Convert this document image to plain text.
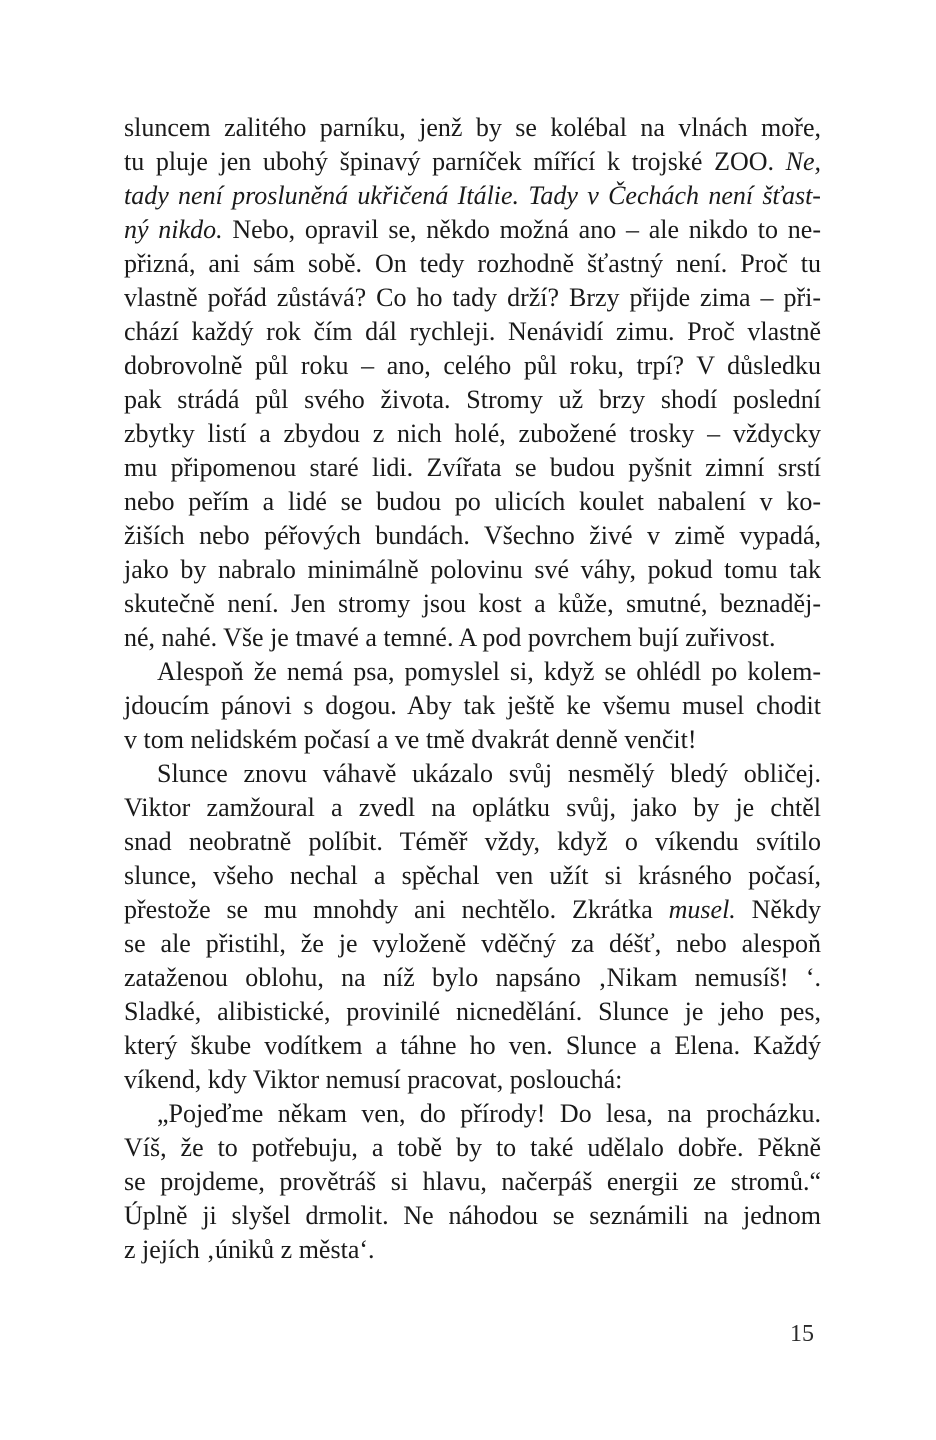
sluncem zalitého parníku, jenž by se kolébal na vlnách moře,
tu pluje jen ubohý špinavý parníček mířící k trojské ZOO. Ne,
tady není prosluněná ukřičená Itálie. Tady v Čechách není šťast-
ný nikdo. Nebo, opravil se, někdo možná ano – ale nikdo to ne-
přizná, ani sám sobě. On tedy rozhodně šťastný není. Proč tu
vlastně pořád zůstává? Co ho tady drží? Brzy přijde zima – při-
chází každý rok čím dál rychleji. Nenávidí zimu. Proč vlastně
dobrovolně půl roku – ano, celého půl roku, trpí? V důsledku
pak strádá půl svého života. Stromy už brzy shodí poslední
zbytky listí a zbydou z nich holé, zubožené trosky – vždycky
mu připomenou staré lidi. Zvířata se budou pyšnit zimní srstí
nebo peřím a lidé se budou po ulicích koulet nabalení v ko-
žiších nebo péřových bundách. Všechno živé v zimě vypadá,
jako by nabralo minimálně polovinu své váhy, pokud tomu tak
skutečně není. Jen stromy jsou kost a kůže, smutné, beznaděj-
né, nahé. Vše je tmavé a temné. A pod povrchem bují zuřivost.
Alespoň že nemá psa, pomyslel si, když se ohlédl po kolem-
jdoucím pánovi s dogou. Aby tak ještě ke všemu musel chodit
v tom nelidském počasí a ve tmě dvakrát denně venčit!
Slunce znovu váhavě ukázalo svůj nesmělý bledý obličej.
Viktor zamžoural a zvedl na oplátku svůj, jako by je chtěl
snad neobratně políbit. Téměř vždy, když o víkendu svítilo
slunce, všeho nechal a spěchal ven užít si krásného počasí,
přestože se mu mnohdy ani nechtělo. Zkrátka musel. Někdy
se ale přistihl, že je vyloženě vděčný za déšť, nebo alespoň
zataženou oblohu, na níž bylo napsáno ‚Nikam nemusíš! ‘.
Sladké, alibistické, provinilé nicnedělání. Slunce je jeho pes,
který škube vodítkem a táhne ho ven. Slunce a Elena. Každý
víkend, kdy Viktor nemusí pracovat, poslouchá:
„Pojeďme někam ven, do přírody! Do lesa, na procházku.
Víš, že to potřebuju, a tobě by to také udělalo dobře. Pěkně
se projdeme, provětráš si hlavu, načerpáš energii ze stromů.“
Úplně ji slyšel drmolit. Ne náhodou se seznámili na jednom
z jejích ‚úniků z města‘.
15
